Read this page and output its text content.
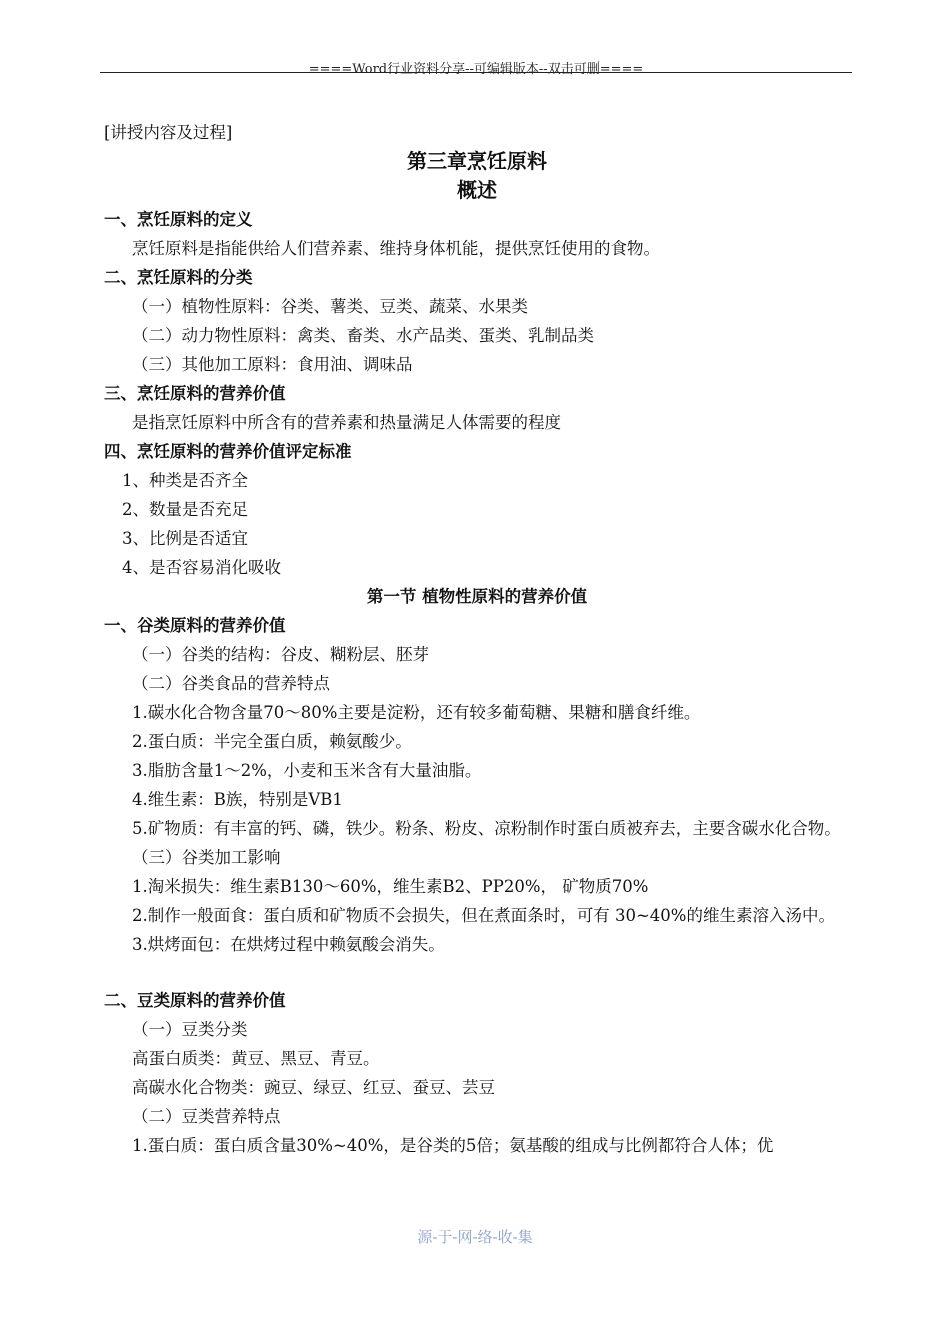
====Word行业资料分享--可编辑版本--双击可删====
[讲授内容及过程]
第三章烹饪原料
概述
一、烹饪原料的定义
烹饪原料是指能供给人们营养素、维持身体机能，提供烹饪使用的食物。
二、烹饪原料的分类
（一）植物性原料：谷类、薯类、豆类、蔬菜、水果类
（二）动力物性原料：禽类、畜类、水产品类、蛋类、乳制品类
（三）其他加工原料：食用油、调味品
三、烹饪原料的营养价值
是指烹饪原料中所含有的营养素和热量满足人体需要的程度
四、烹饪原料的营养价值评定标准
1、种类是否齐全
2、数量是否充足
3、比例是否适宜
4、是否容易消化吸收
第一节 植物性原料的营养价值
一、谷类原料的营养价值
（一）谷类的结构：谷皮、糊粉层、胚芽
（二）谷类食品的营养特点
1.碳水化合物含量70～80%主要是淀粉，还有较多葡萄糖、果糖和膳食纤维。
2.蛋白质：半完全蛋白质，赖氨酸少。
3.脂肪含量1～2%，小麦和玉米含有大量油脂。
4.维生素：B族，特别是VB1
5.矿物质：有丰富的钙、磷，铁少。粉条、粉皮、凉粉制作时蛋白质被弃去，主要含碳水化合物。
（三）谷类加工影响
1.淘米损失：维生素B130～60%，维生素B2、PP20%， 矿物质70%
2.制作一般面食：蛋白质和矿物质不会损失，但在煮面条时，可有 30~40%的维生素溶入汤中。
3.烘烤面包：在烘烤过程中赖氨酸会消失。
二、豆类原料的营养价值
（一）豆类分类
高蛋白质类：黄豆、黑豆、青豆。
高碳水化合物类：豌豆、绿豆、红豆、蚕豆、芸豆
（二）豆类营养特点
1.蛋白质：蛋白质含量30%~40%，是谷类的5倍；氨基酸的组成与比例都符合人体；优
源-于-网-络-收-集
